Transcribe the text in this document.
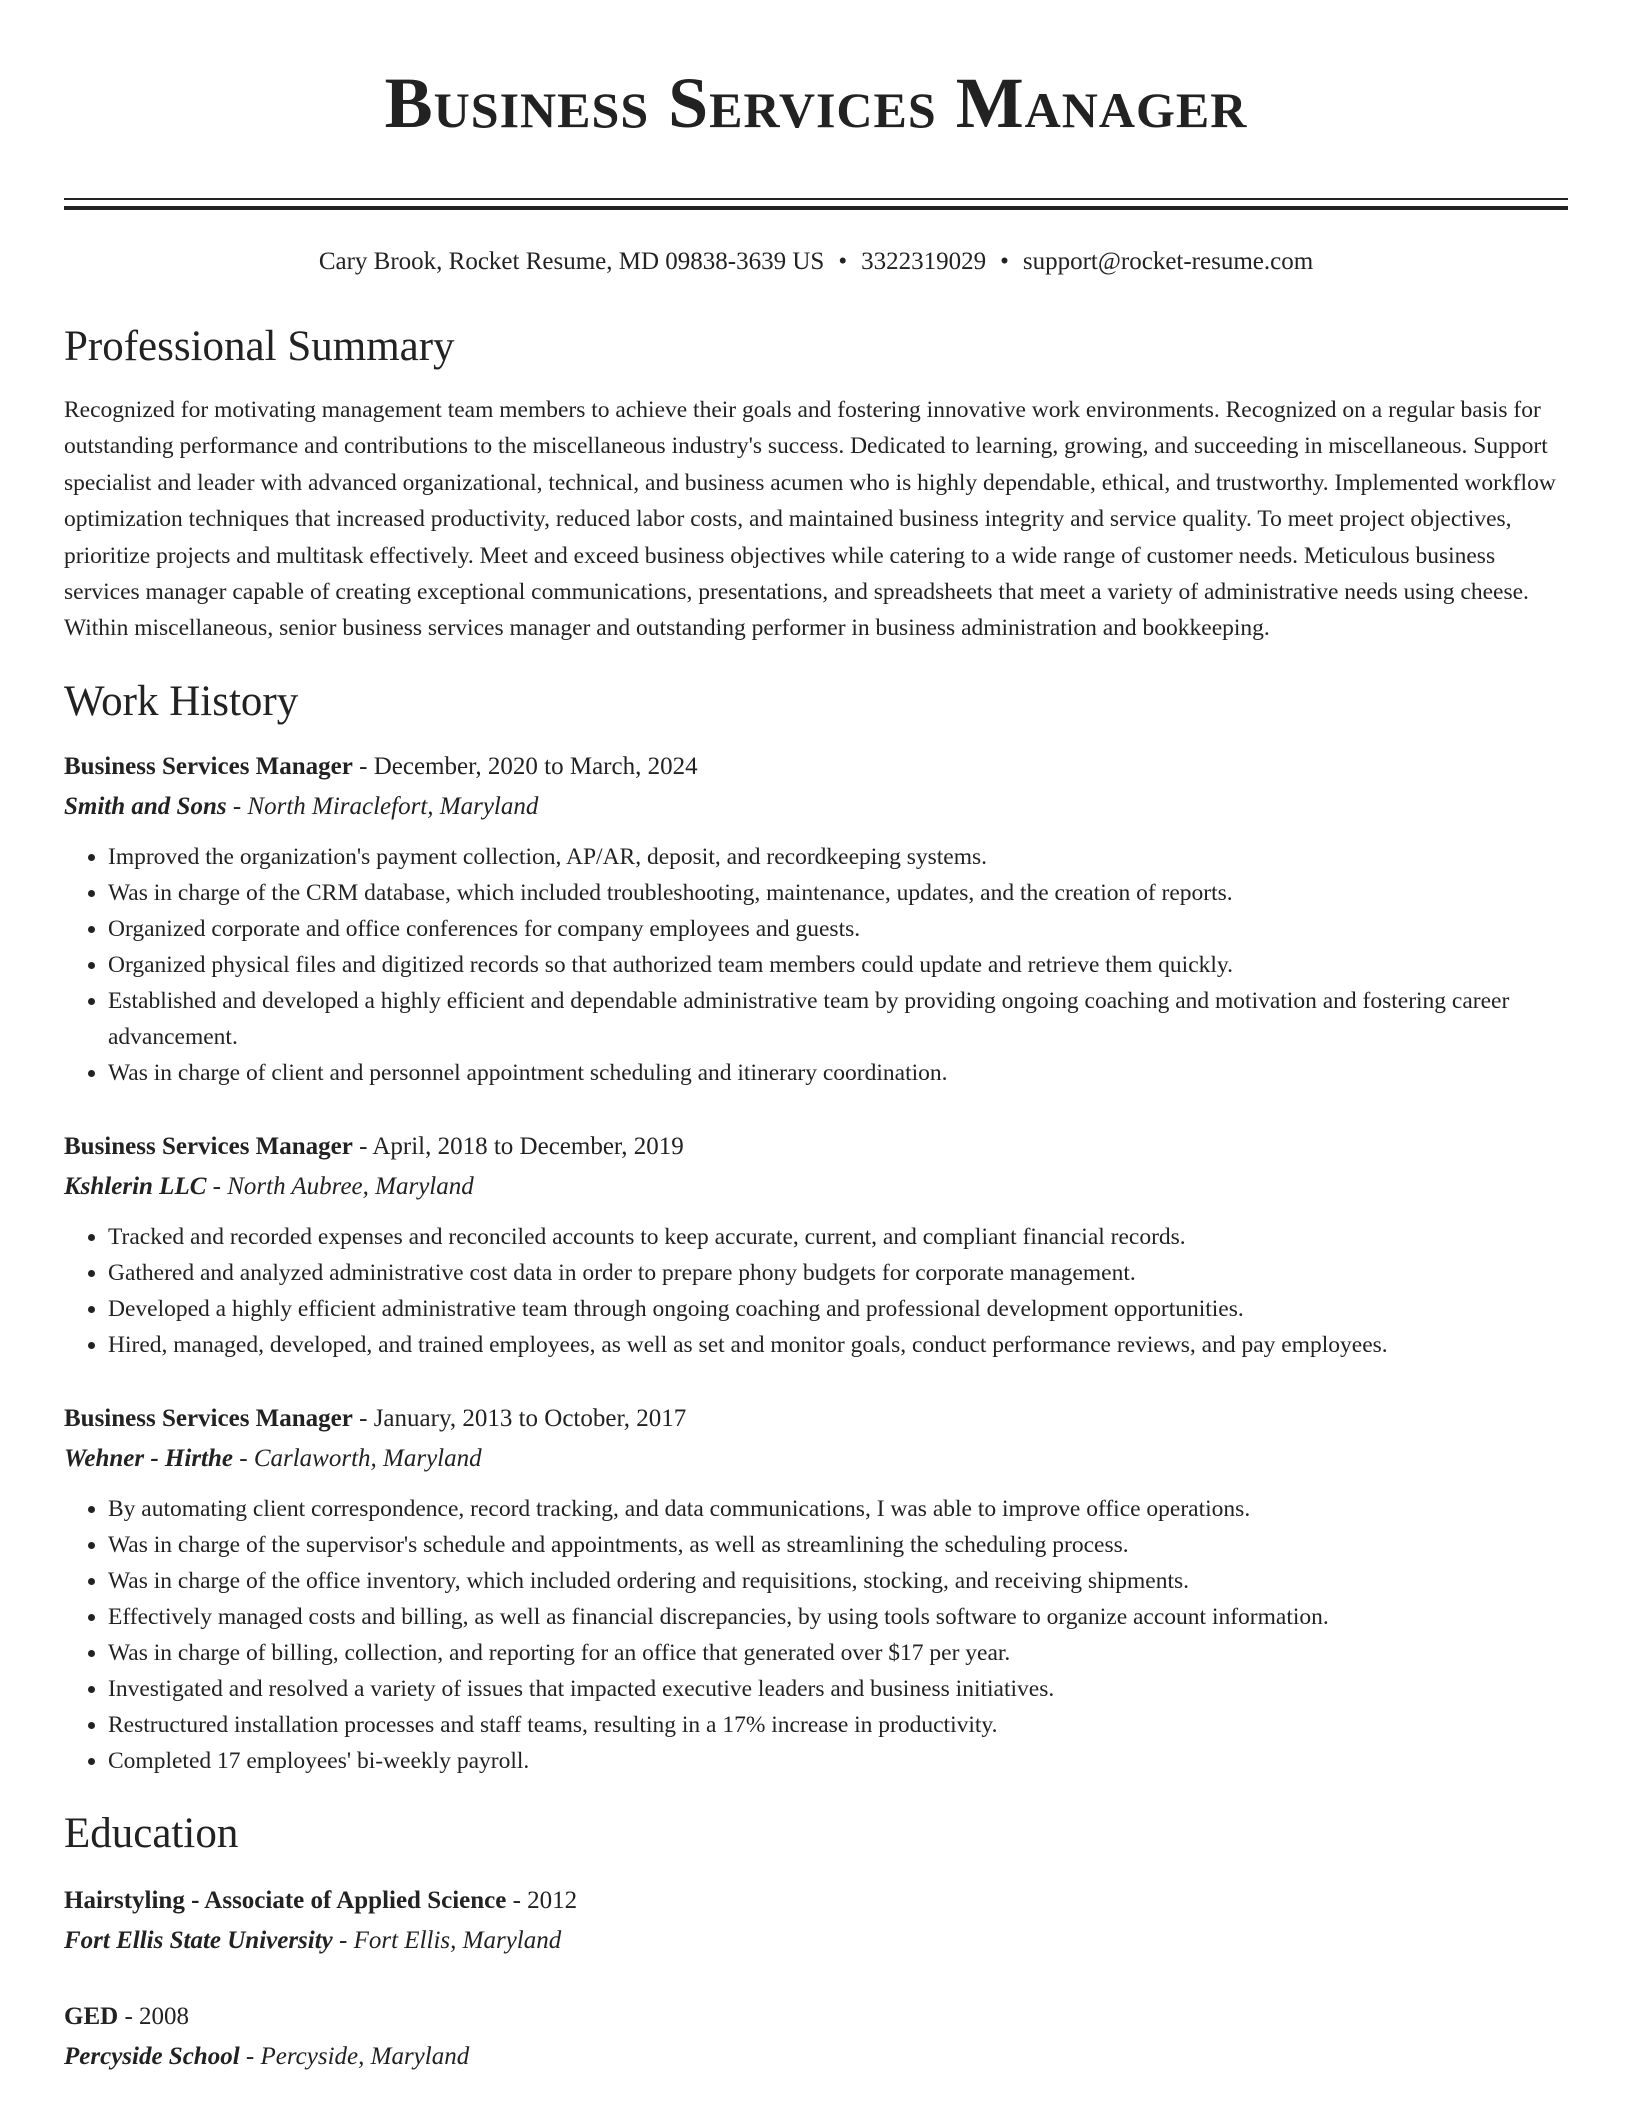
Business Services Manager
Cary Brook, Rocket Resume, MD 09838-3639 US • 3322319029 • support@rocket-resume.com
Professional Summary

Recognized for motivating management team members to achieve their goals and fostering innovative work environments. Recognized on a regular basis for outstanding performance and contributions to the miscellaneous industry's success. Dedicated to learning, growing, and succeeding in miscellaneous. Support specialist and leader with advanced organizational, technical, and business acumen who is highly dependable, ethical, and trustworthy. Implemented workflow optimization techniques that increased productivity, reduced labor costs, and maintained business integrity and service quality. To meet project objectives, prioritize projects and multitask effectively. Meet and exceed business objectives while catering to a wide range of customer needs. Meticulous business services manager capable of creating exceptional communications, presentations, and spreadsheets that meet a variety of administrative needs using cheese. Within miscellaneous, senior business services manager and outstanding performer in business administration and bookkeeping.

Work History
Business Services Manager - December, 2020 to March, 2024
Smith and Sons - North Miraclefort, Maryland
• Improved the organization's payment collection, AP/AR, deposit, and recordkeeping systems.
• Was in charge of the CRM database, which included troubleshooting, maintenance, updates, and the creation of reports.
• Organized corporate and office conferences for company employees and guests.
• Organized physical files and digitized records so that authorized team members could update and retrieve them quickly.
• Established and developed a highly efficient and dependable administrative team by providing ongoing coaching and motivation and fostering career advancement.
• Was in charge of client and personnel appointment scheduling and itinerary coordination.
Business Services Manager - April, 2018 to December, 2019
Kshlerin LLC - North Aubree, Maryland
• Tracked and recorded expenses and reconciled accounts to keep accurate, current, and compliant financial records.
• Gathered and analyzed administrative cost data in order to prepare phony budgets for corporate management.
• Developed a highly efficient administrative team through ongoing coaching and professional development opportunities.
• Hired, managed, developed, and trained employees, as well as set and monitor goals, conduct performance reviews, and pay employees.
Business Services Manager - January, 2013 to October, 2017
Wehner - Hirthe - Carlaworth, Maryland
• By automating client correspondence, record tracking, and data communications, I was able to improve office operations.
• Was in charge of the supervisor's schedule and appointments, as well as streamlining the scheduling process.
• Was in charge of the office inventory, which included ordering and requisitions, stocking, and receiving shipments.
• Effectively managed costs and billing, as well as financial discrepancies, by using tools software to organize account information.
• Was in charge of billing, collection, and reporting for an office that generated over $17 per year.
• Investigated and resolved a variety of issues that impacted executive leaders and business initiatives.
• Restructured installation processes and staff teams, resulting in a 17% increase in productivity.
• Completed 17 employees' bi-weekly payroll.
Education
Hairstyling - Associate of Applied Science - 2012
Fort Ellis State University - Fort Ellis, Maryland
GED - 2008
Percyside School - Percyside, Maryland
